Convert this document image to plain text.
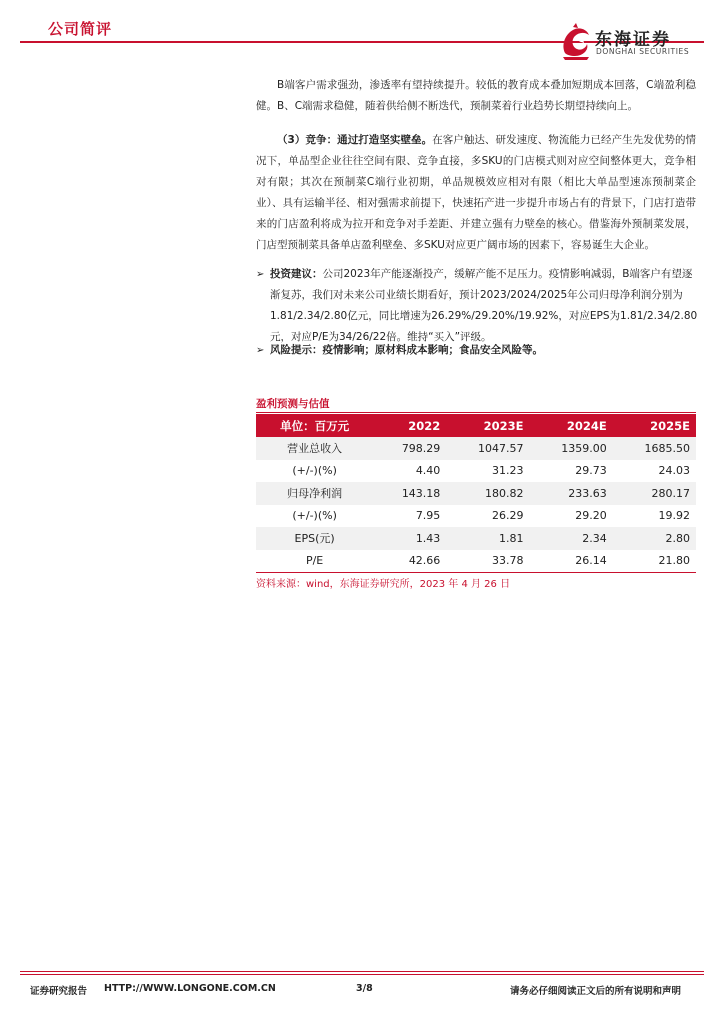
公司简评
东海证券
DONGHAI SECURITIES
B端客户需求强劲，渗透率有望持续提升。较低的教育成本叠加短期成本回落，C端盈利稳健。B、C端需求稳健，随着供给侧不断迭代，预制菜着行业趋势长期望持续向上。
（3）竞争：通过打造坚实壁垒。在客户触达、研发速度、物流能力已经产生先发优势的情况下，单品型企业往往空间有限、竞争直接，多SKU的门店模式则对应空间整体更大，竞争相对有限；其次在预制菜C端行业初期，单品规模效应相对有限（相比大单品型速冻预制菜企业）、具有运输半径、相对强需求前提下，快速拓产进一步提升市场占有的背景下，门店打造带来的门店盈利将成为拉开和竞争对手差距、并建立强有力壁垒的核心。借鉴海外预制菜发展，门店型预制菜具备单店盈利壁垒、多SKU对应更广阔市场的因素下，容易诞生大企业。
➢ 投资建议：公司2023年产能逐渐投产，缓解产能不足压力。疫情影响减弱，B端客户有望逐渐复苏，我们对未来公司业绩长期看好，预计2023/2024/2025年公司归母净利润分别为1.81/2.34/2.80亿元，同比增速为26.29%/29.20%/19.92%，对应EPS为1.81/2.34/2.80元，对应P/E为34/26/22倍。维持“买入”评级。
➢ 风险提示：疫情影响；原材料成本影响；食品安全风险等。
盈利预测与估值
单位：百万元	2022	2023E	2024E	2025E
营业总收入	798.29	1047.57	1359.00	1685.50
(+/-)(%)	4.40	31.23	29.73	24.03
归母净利润	143.18	180.82	233.63	280.17
(+/-)(%)	7.95	26.29	29.20	19.92
EPS(元)	1.43	1.81	2.34	2.80
P/E	42.66	33.78	26.14	21.80
资料来源：wind，东海证券研究所，2023 年 4 月 26 日
证券研究报告 HTTP://WWW.LONGONE.COM.CN	3/8	请务必仔细阅读正文后的所有说明和声明
